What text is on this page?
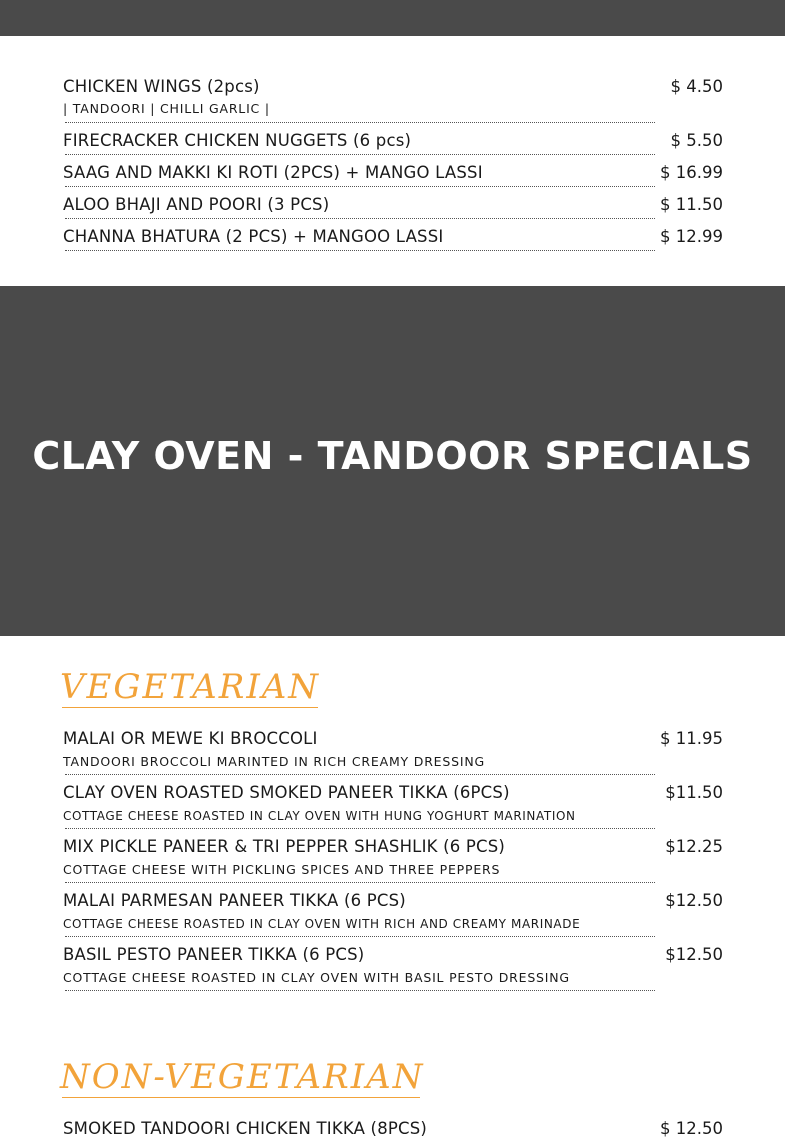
CHICKEN WINGS (2pcs)	$ 4.50
| TANDOORI | CHILLI GARLIC |
FIRECRACKER CHICKEN NUGGETS (6 pcs)	$ 5.50
SAAG AND MAKKI KI ROTI (2PCS) + MANGO LASSI	$ 16.99
ALOO BHAJI AND POORI (3 PCS)	$ 11.50
CHANNA BHATURA (2 PCS) + MANGOO LASSI	$ 12.99
CLAY OVEN - TANDOOR SPECIALS
VEGETARIAN
MALAI OR MEWE KI BROCCOLI	$ 11.95
TANDOORI BROCCOLI MARINTED IN RICH CREAMY DRESSING
CLAY OVEN ROASTED SMOKED PANEER TIKKA (6PCS)	$11.50
COTTAGE CHEESE ROASTED IN CLAY OVEN WITH HUNG YOGHURT MARINATION
MIX PICKLE PANEER & TRI PEPPER SHASHLIK (6 PCS)	$12.25
COTTAGE CHEESE WITH PICKLING SPICES AND THREE PEPPERS
MALAI PARMESAN PANEER TIKKA (6 PCS)	$12.50
COTTAGE CHEESE ROASTED IN CLAY OVEN WITH RICH AND CREAMY MARINADE
BASIL PESTO PANEER TIKKA (6 PCS)	$12.50
COTTAGE CHEESE ROASTED IN CLAY OVEN WITH BASIL PESTO DRESSING
NON-VEGETARIAN
SMOKED TANDOORI CHICKEN TIKKA (8PCS)	$ 12.50
